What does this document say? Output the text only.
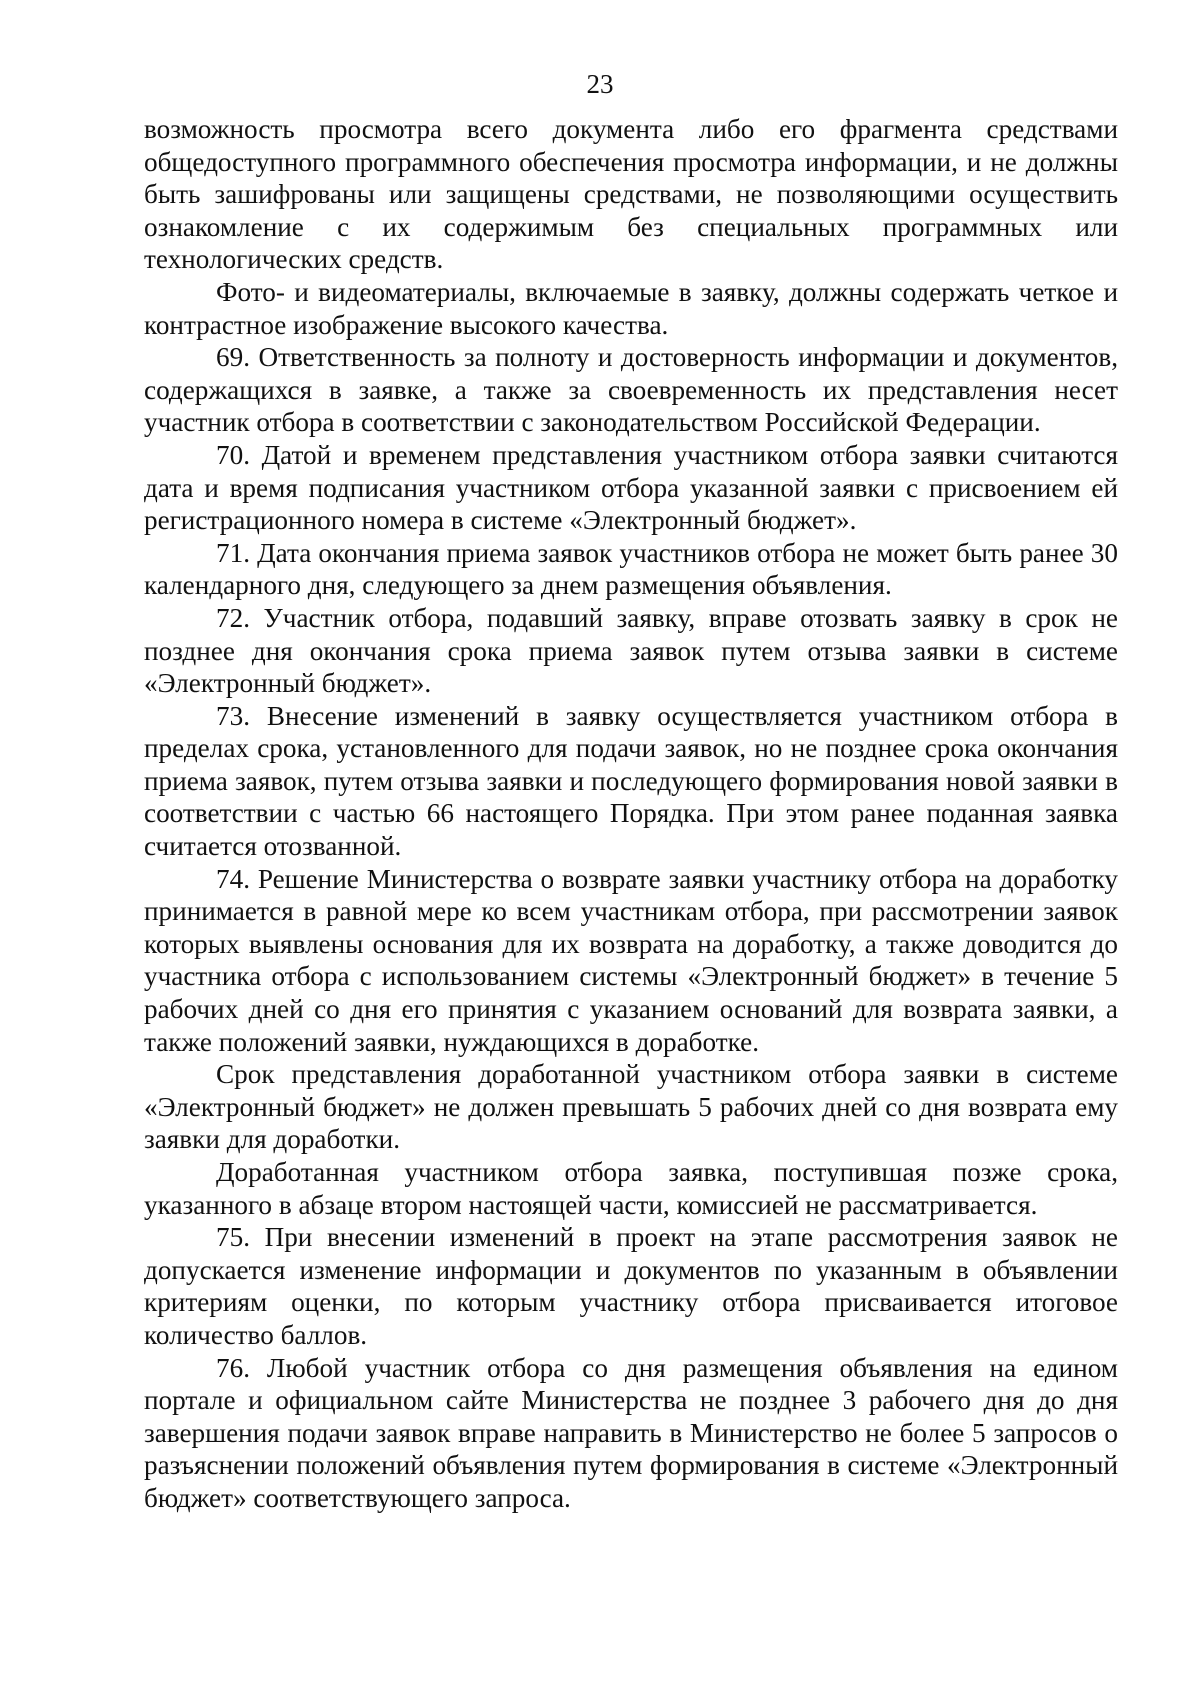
23

возможность просмотра всего документа либо его фрагмента средствами общедоступного программного обеспечения просмотра информации, и не должны быть зашифрованы или защищены средствами, не позволяющими осуществить ознакомление с их содержимым без специальных программных или технологических средств.

Фото- и видеоматериалы, включаемые в заявку, должны содержать четкое и контрастное изображение высокого качества.

69. Ответственность за полноту и достоверность информации и документов, содержащихся в заявке, а также за своевременность их представления несет участник отбора в соответствии с законодательством Российской Федерации.

70. Датой и временем представления участником отбора заявки считаются дата и время подписания участником отбора указанной заявки с присвоением ей регистрационного номера в системе «Электронный бюджет».

71. Дата окончания приема заявок участников отбора не может быть ранее 30 календарного дня, следующего за днем размещения объявления.

72. Участник отбора, подавший заявку, вправе отозвать заявку в срок не позднее дня окончания срока приема заявок путем отзыва заявки в системе «Электронный бюджет».

73. Внесение изменений в заявку осуществляется участником отбора в пределах срока, установленного для подачи заявок, но не позднее срока окончания приема заявок, путем отзыва заявки и последующего формирования новой заявки в соответствии с частью 66 настоящего Порядка. При этом ранее поданная заявка считается отозванной.

74. Решение Министерства о возврате заявки участнику отбора на доработку принимается в равной мере ко всем участникам отбора, при рассмотрении заявок которых выявлены основания для их возврата на доработку, а также доводится до участника отбора с использованием системы «Электронный бюджет» в течение 5 рабочих дней со дня его принятия с указанием оснований для возврата заявки, а также положений заявки, нуждающихся в доработке.

Срок представления доработанной участником отбора заявки в системе «Электронный бюджет» не должен превышать 5 рабочих дней со дня возврата ему заявки для доработки.

Доработанная участником отбора заявка, поступившая позже срока, указанного в абзаце втором настоящей части, комиссией не рассматривается.

75. При внесении изменений в проект на этапе рассмотрения заявок не допускается изменение информации и документов по указанным в объявлении критериям оценки, по которым участнику отбора присваивается итоговое количество баллов.

76. Любой участник отбора со дня размещения объявления на едином портале и официальном сайте Министерства не позднее 3 рабочего дня до дня завершения подачи заявок вправе направить в Министерство не более 5 запросов о разъяснении положений объявления путем формирования в системе «Электронный бюджет» соответствующего запроса.
